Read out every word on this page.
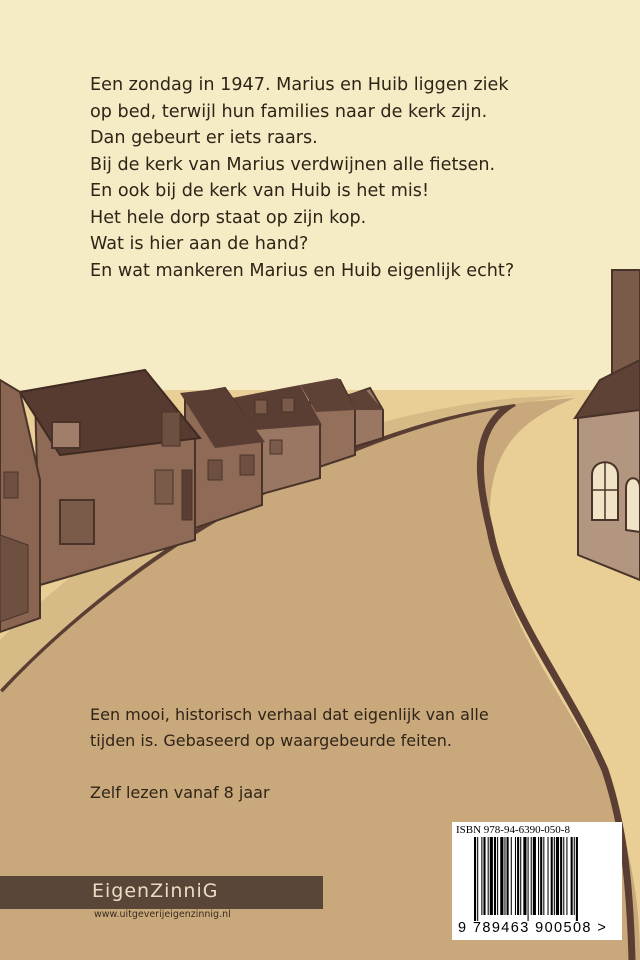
Een zondag in 1947. Marius en Huib liggen ziek
op bed, terwijl hun families naar de kerk zijn.
Dan gebeurt er iets raars.
Bij de kerk van Marius verdwijnen alle fietsen.
En ook bij de kerk van Huib is het mis!
Het hele dorp staat op zijn kop.
Wat is hier aan de hand?
En wat mankeren Marius en Huib eigenlijk echt?
Een mooi, historisch verhaal dat eigenlijk van alle
tijden is. Gebaseerd op waargebeurde feiten.
Zelf lezen vanaf 8 jaar
EigenZinniG
www.uitgeverijeigenzinnig.nl
ISBN 978-94-6390-050-8
9 789463 900508 >
